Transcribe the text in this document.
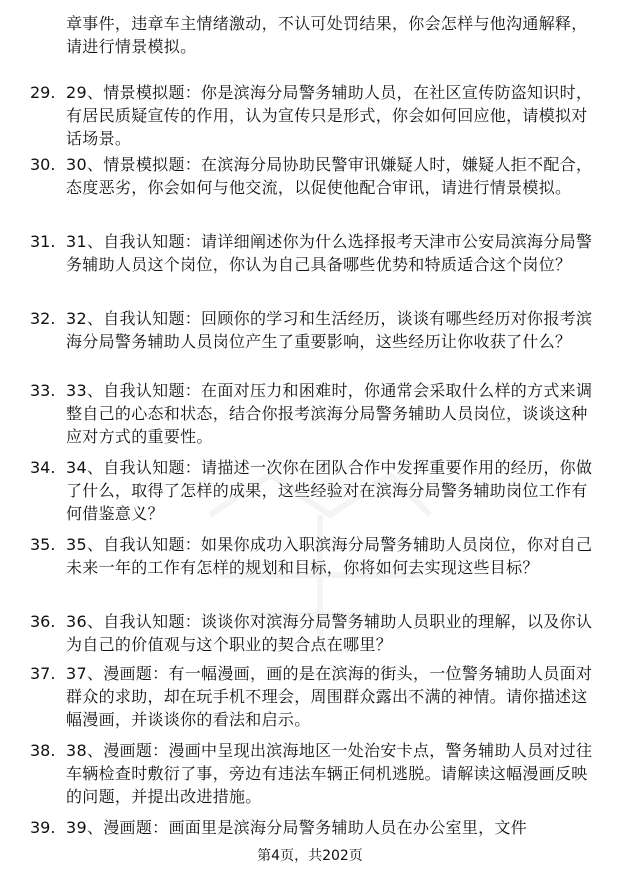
章事件，违章车主情绪激动，不认可处罚结果，你会怎样与他沟通解释，请进行情景模拟。
29. 29、情景模拟题：你是滨海分局警务辅助人员，在社区宣传防盗知识时，有居民质疑宣传的作用，认为宣传只是形式，你会如何回应他，请模拟对话场景。
30. 30、情景模拟题：在滨海分局协助民警审讯嫌疑人时，嫌疑人拒不配合，态度恶劣，你会如何与他交流，以促使他配合审讯，请进行情景模拟。
31. 31、自我认知题：请详细阐述你为什么选择报考天津市公安局滨海分局警务辅助人员这个岗位，你认为自己具备哪些优势和特质适合这个岗位？
32. 32、自我认知题：回顾你的学习和生活经历，谈谈有哪些经历对你报考滨海分局警务辅助人员岗位产生了重要影响，这些经历让你收获了什么？
33. 33、自我认知题：在面对压力和困难时，你通常会采取什么样的方式来调整自己的心态和状态，结合你报考滨海分局警务辅助人员岗位，谈谈这种应对方式的重要性。
34. 34、自我认知题：请描述一次你在团队合作中发挥重要作用的经历，你做了什么，取得了怎样的成果，这些经验对在滨海分局警务辅助岗位工作有何借鉴意义？
35. 35、自我认知题：如果你成功入职滨海分局警务辅助人员岗位，你对自己未来一年的工作有怎样的规划和目标，你将如何去实现这些目标？
36. 36、自我认知题：谈谈你对滨海分局警务辅助人员职业的理解，以及你认为自己的价值观与这个职业的契合点在哪里？
37. 37、漫画题：有一幅漫画，画的是在滨海的街头，一位警务辅助人员面对群众的求助，却在玩手机不理会，周围群众露出不满的神情。请你描述这幅漫画，并谈谈你的看法和启示。
38. 38、漫画题：漫画中呈现出滨海地区一处治安卡点，警务辅助人员对过往车辆检查时敷衍了事，旁边有违法车辆正伺机逃脱。请解读这幅漫画反映的问题，并提出改进措施。
39. 39、漫画题：画面里是滨海分局警务辅助人员在办公室里，文件
第4页，共202页
